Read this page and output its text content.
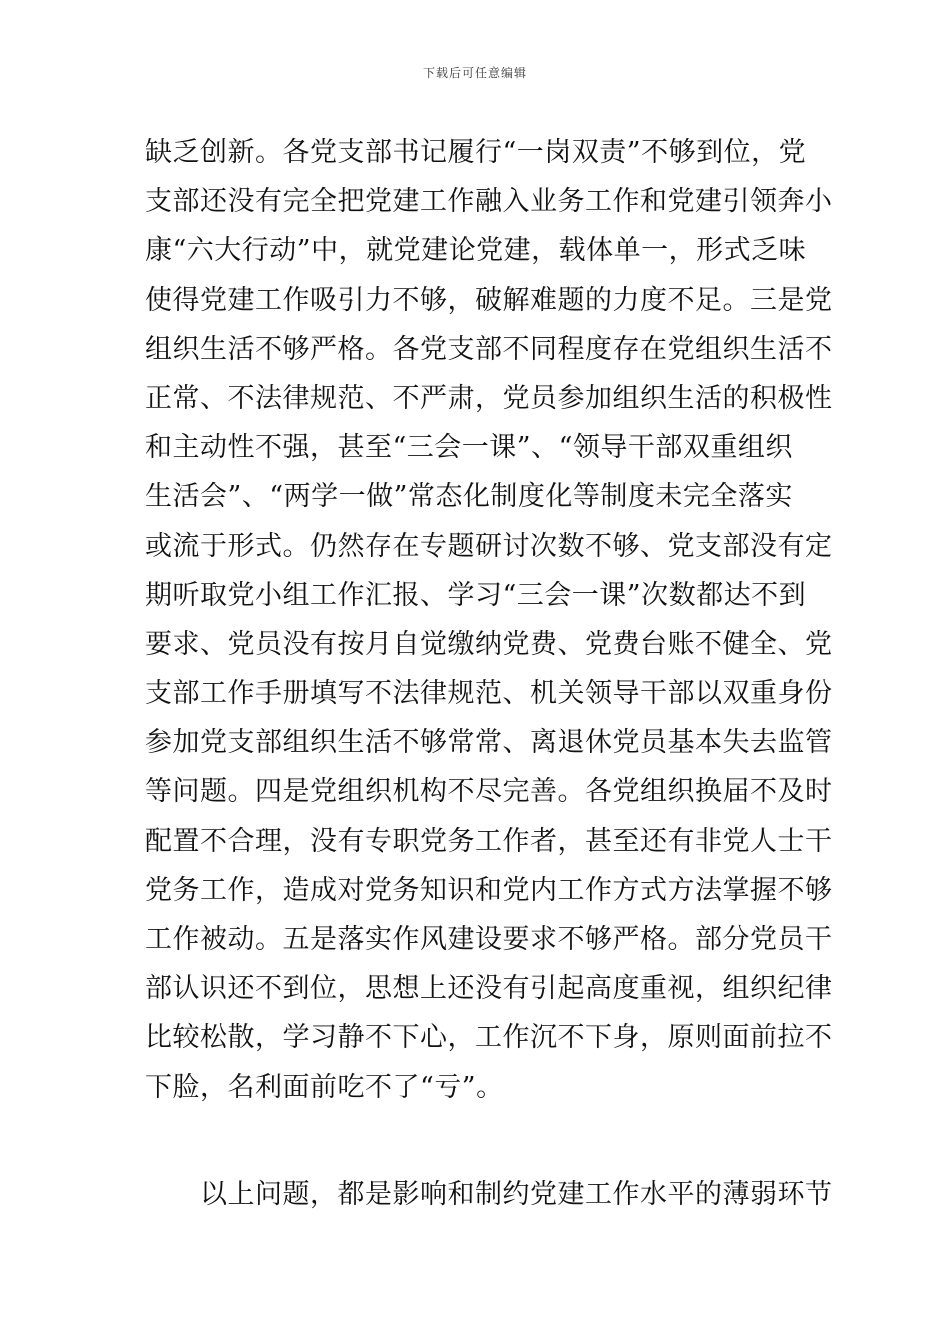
下载后可任意编辑
缺乏创新。各党支部书记履行“一岗双责”不够到位，党
支部还没有完全把党建工作融入业务工作和党建引领奔小
康“六大行动”中，就党建论党建，载体单一，形式乏味
使得党建工作吸引力不够，破解难题的力度不足。三是党
组织生活不够严格。各党支部不同程度存在党组织生活不
正常、不法律规范、不严肃，党员参加组织生活的积极性
和主动性不强，甚至“三会一课”、“领导干部双重组织
生活会”、“两学一做”常态化制度化等制度未完全落实
或流于形式。仍然存在专题研讨次数不够、党支部没有定
期听取党小组工作汇报、学习“三会一课”次数都达不到
要求、党员没有按月自觉缴纳党费、党费台账不健全、党
支部工作手册填写不法律规范、机关领导干部以双重身份
参加党支部组织生活不够常常、离退休党员基本失去监管
等问题。四是党组织机构不尽完善。各党组织换届不及时
配置不合理，没有专职党务工作者，甚至还有非党人士干
党务工作，造成对党务知识和党内工作方式方法掌握不够
工作被动。五是落实作风建设要求不够严格。部分党员干
部认识还不到位，思想上还没有引起高度重视，组织纪律
比较松散，学习静不下心，工作沉不下身，原则面前拉不
下脸，名利面前吃不了“亏”。
以上问题，都是影响和制约党建工作水平的薄弱环节
